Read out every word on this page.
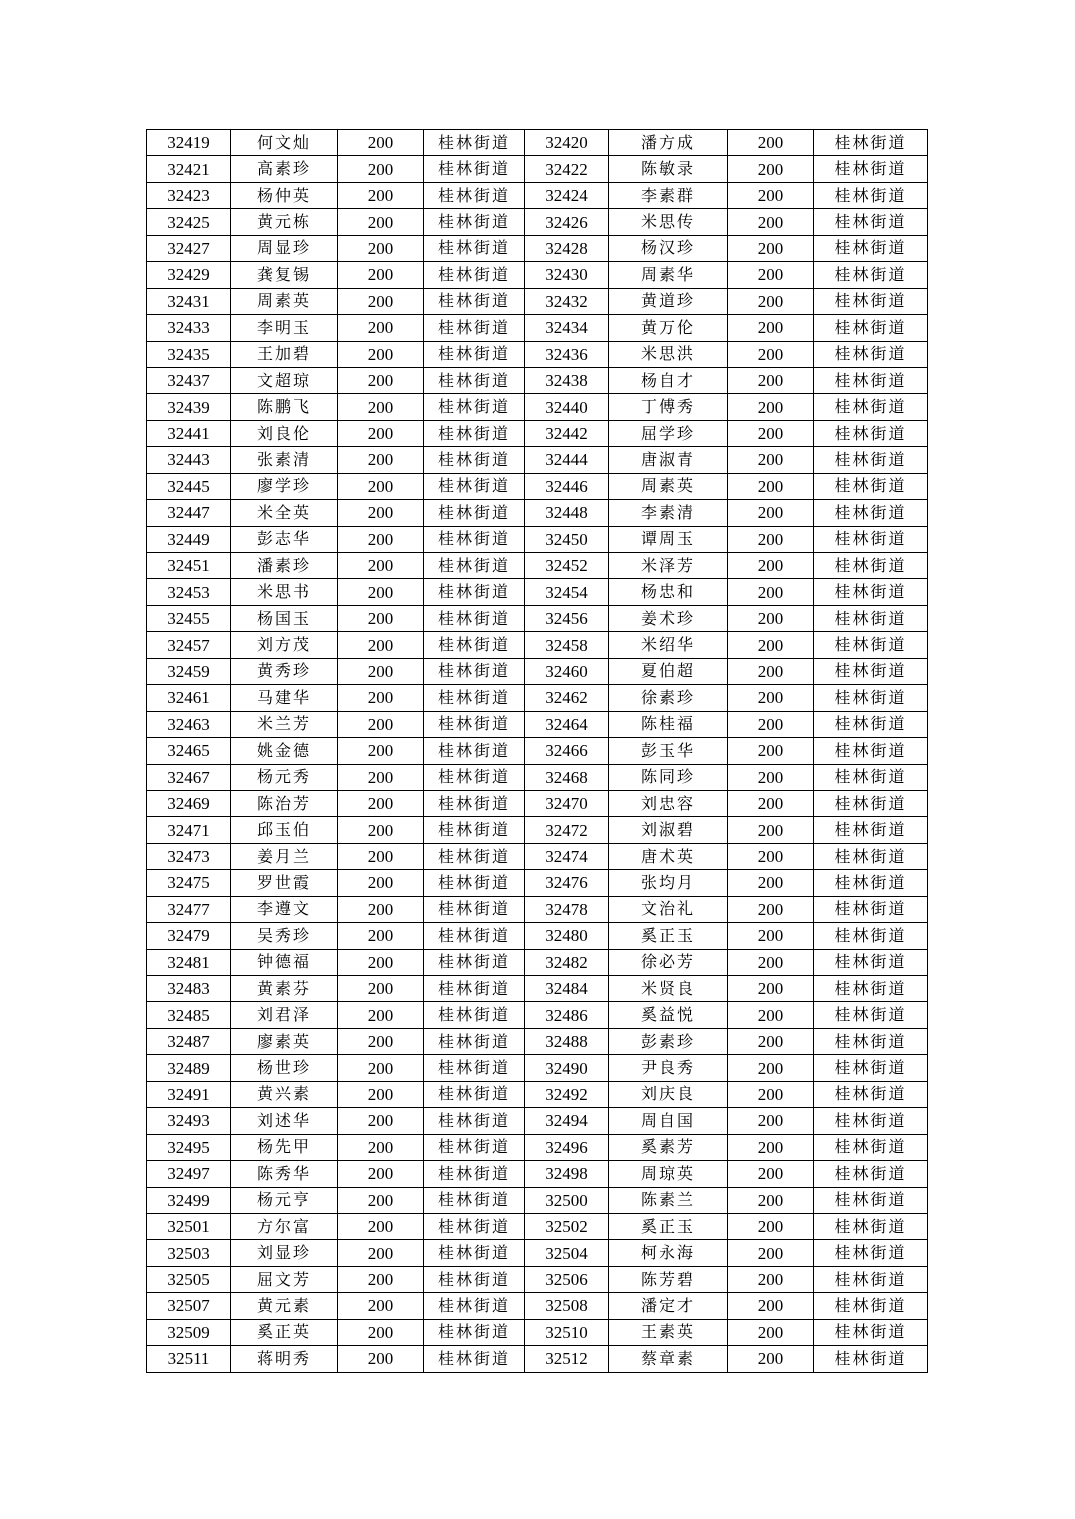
32419	何文灿	200	桂林街道	32420	潘方成	200	桂林街道
32421	高素珍	200	桂林街道	32422	陈敏录	200	桂林街道
32423	杨仲英	200	桂林街道	32424	李素群	200	桂林街道
32425	黄元栋	200	桂林街道	32426	米思传	200	桂林街道
32427	周显珍	200	桂林街道	32428	杨汉珍	200	桂林街道
32429	龚复锡	200	桂林街道	32430	周素华	200	桂林街道
32431	周素英	200	桂林街道	32432	黄道珍	200	桂林街道
32433	李明玉	200	桂林街道	32434	黄万伦	200	桂林街道
32435	王加碧	200	桂林街道	32436	米思洪	200	桂林街道
32437	文超琼	200	桂林街道	32438	杨自才	200	桂林街道
32439	陈鹏飞	200	桂林街道	32440	丁傅秀	200	桂林街道
32441	刘良伦	200	桂林街道	32442	屈学珍	200	桂林街道
32443	张素清	200	桂林街道	32444	唐淑青	200	桂林街道
32445	廖学珍	200	桂林街道	32446	周素英	200	桂林街道
32447	米全英	200	桂林街道	32448	李素清	200	桂林街道
32449	彭志华	200	桂林街道	32450	谭周玉	200	桂林街道
32451	潘素珍	200	桂林街道	32452	米泽芳	200	桂林街道
32453	米思书	200	桂林街道	32454	杨忠和	200	桂林街道
32455	杨国玉	200	桂林街道	32456	姜术珍	200	桂林街道
32457	刘方茂	200	桂林街道	32458	米绍华	200	桂林街道
32459	黄秀珍	200	桂林街道	32460	夏伯超	200	桂林街道
32461	马建华	200	桂林街道	32462	徐素珍	200	桂林街道
32463	米兰芳	200	桂林街道	32464	陈桂福	200	桂林街道
32465	姚金德	200	桂林街道	32466	彭玉华	200	桂林街道
32467	杨元秀	200	桂林街道	32468	陈同珍	200	桂林街道
32469	陈治芳	200	桂林街道	32470	刘忠容	200	桂林街道
32471	邱玉伯	200	桂林街道	32472	刘淑碧	200	桂林街道
32473	姜月兰	200	桂林街道	32474	唐术英	200	桂林街道
32475	罗世霞	200	桂林街道	32476	张均月	200	桂林街道
32477	李遵文	200	桂林街道	32478	文治礼	200	桂林街道
32479	吴秀珍	200	桂林街道	32480	奚正玉	200	桂林街道
32481	钟德福	200	桂林街道	32482	徐必芳	200	桂林街道
32483	黄素芬	200	桂林街道	32484	米贤良	200	桂林街道
32485	刘君泽	200	桂林街道	32486	奚益悦	200	桂林街道
32487	廖素英	200	桂林街道	32488	彭素珍	200	桂林街道
32489	杨世珍	200	桂林街道	32490	尹良秀	200	桂林街道
32491	黄兴素	200	桂林街道	32492	刘庆良	200	桂林街道
32493	刘述华	200	桂林街道	32494	周自国	200	桂林街道
32495	杨先甲	200	桂林街道	32496	奚素芳	200	桂林街道
32497	陈秀华	200	桂林街道	32498	周琼英	200	桂林街道
32499	杨元亨	200	桂林街道	32500	陈素兰	200	桂林街道
32501	方尔富	200	桂林街道	32502	奚正玉	200	桂林街道
32503	刘显珍	200	桂林街道	32504	柯永海	200	桂林街道
32505	屈文芳	200	桂林街道	32506	陈芳碧	200	桂林街道
32507	黄元素	200	桂林街道	32508	潘定才	200	桂林街道
32509	奚正英	200	桂林街道	32510	王素英	200	桂林街道
32511	蒋明秀	200	桂林街道	32512	蔡章素	200	桂林街道
